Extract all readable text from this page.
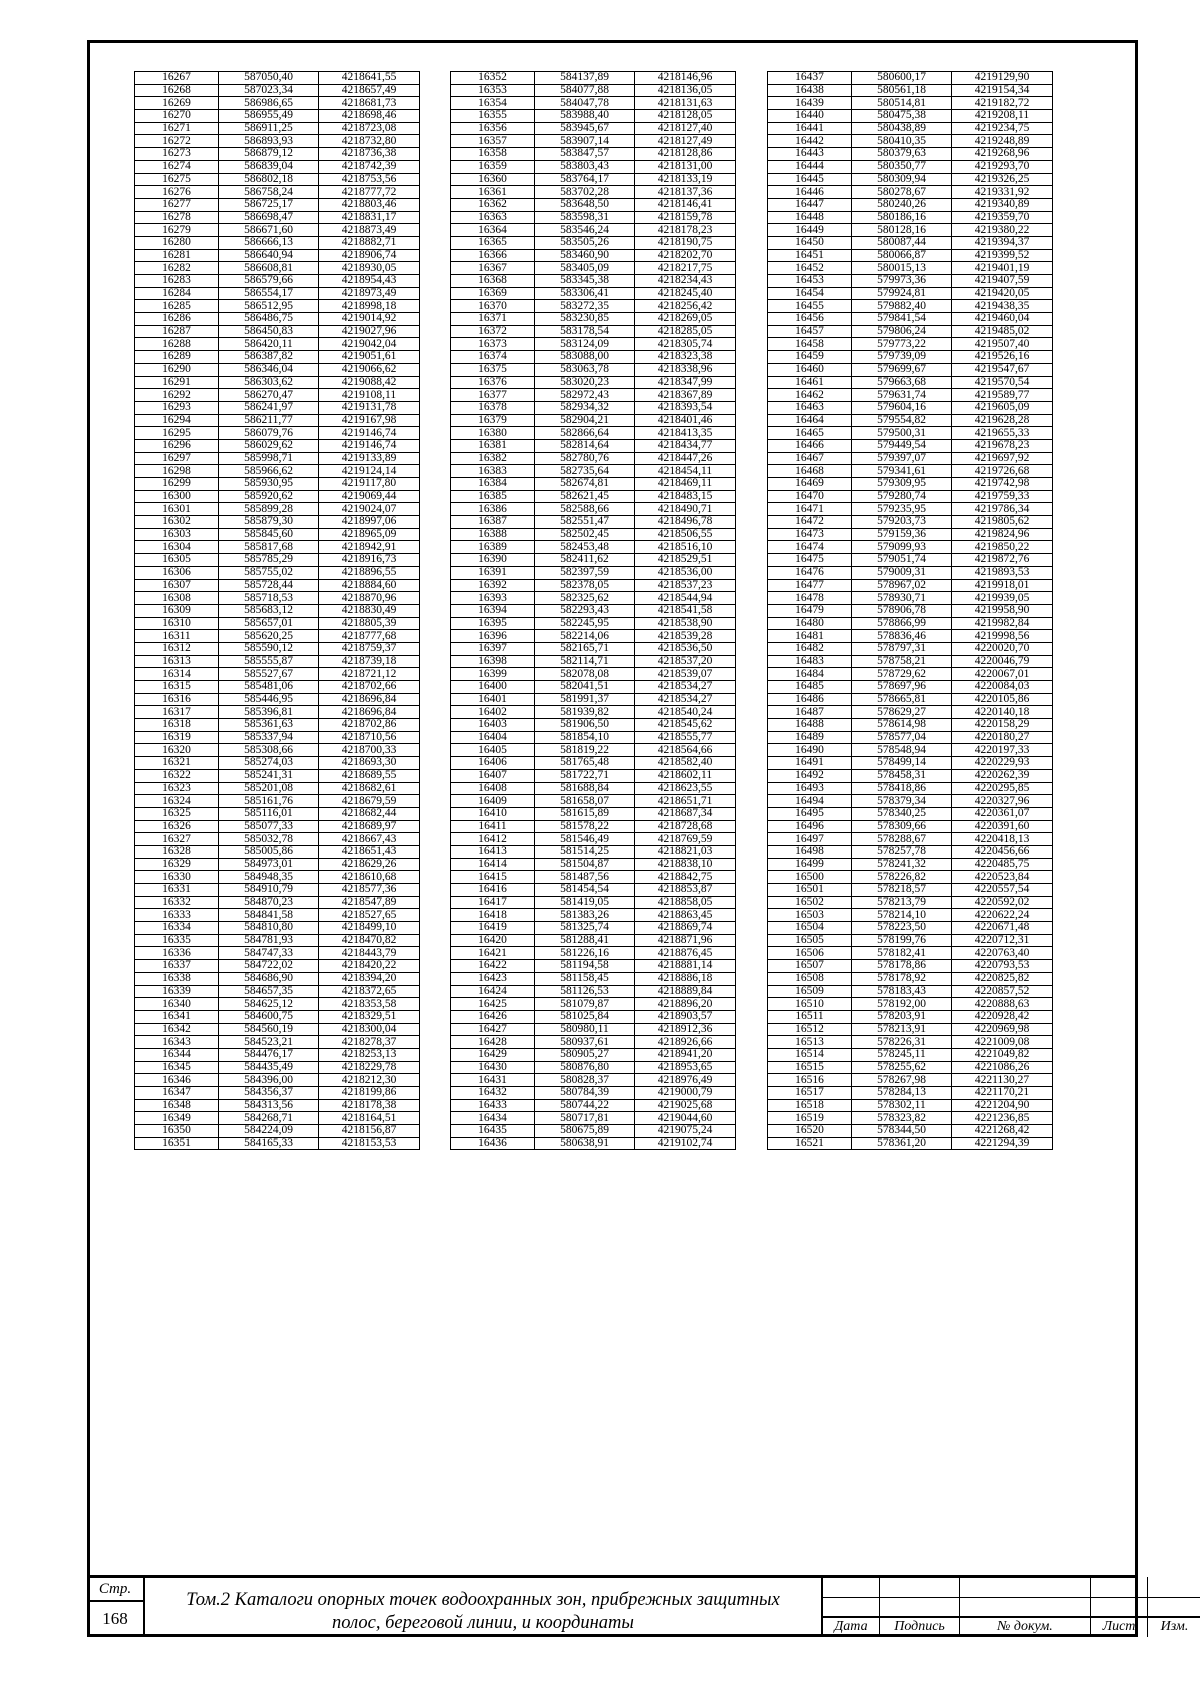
16267	587050,40	4218641,55
16268	587023,34	4218657,49
16269	586986,65	4218681,73
16270	586955,49	4218698,46
16271	586911,25	4218723,08
16272	586893,93	4218732,80
16273	586879,12	4218736,38
16274	586839,04	4218742,39
16275	586802,18	4218753,56
16276	586758,24	4218777,72
16277	586725,17	4218803,46
16278	586698,47	4218831,17
16279	586671,60	4218873,49
16280	586666,13	4218882,71
16281	586640,94	4218906,74
16282	586608,81	4218930,05
16283	586579,66	4218954,43
16284	586554,17	4218973,49
16285	586512,95	4218998,18
16286	586486,75	4219014,92
16287	586450,83	4219027,96
16288	586420,11	4219042,04
16289	586387,82	4219051,61
16290	586346,04	4219066,62
16291	586303,62	4219088,42
16292	586270,47	4219108,11
16293	586241,97	4219131,78
16294	586211,77	4219167,98
16295	586079,76	4219146,74
16296	586029,62	4219146,74
16297	585998,71	4219133,89
16298	585966,62	4219124,14
16299	585930,95	4219117,80
16300	585920,62	4219069,44
16301	585899,28	4219024,07
16302	585879,30	4218997,06
16303	585845,60	4218965,09
16304	585817,68	4218942,91
16305	585785,29	4218916,73
16306	585755,02	4218896,55
16307	585728,44	4218884,60
16308	585718,53	4218870,96
16309	585683,12	4218830,49
16310	585657,01	4218805,39
16311	585620,25	4218777,68
16312	585590,12	4218759,37
16313	585555,87	4218739,18
16314	585527,67	4218721,12
16315	585481,06	4218702,66
16316	585446,95	4218696,84
16317	585396,81	4218696,84
16318	585361,63	4218702,86
16319	585337,94	4218710,56
16320	585308,66	4218700,33
16321	585274,03	4218693,30
16322	585241,31	4218689,55
16323	585201,08	4218682,61
16324	585161,76	4218679,59
16325	585116,01	4218682,44
16326	585077,33	4218689,97
16327	585032,78	4218667,43
16328	585005,86	4218651,43
16329	584973,01	4218629,26
16330	584948,35	4218610,68
16331	584910,79	4218577,36
16332	584870,23	4218547,89
16333	584841,58	4218527,65
16334	584810,80	4218499,10
16335	584781,93	4218470,82
16336	584747,33	4218443,79
16337	584722,02	4218420,22
16338	584686,90	4218394,20
16339	584657,35	4218372,65
16340	584625,12	4218353,58
16341	584600,75	4218329,51
16342	584560,19	4218300,04
16343	584523,21	4218278,37
16344	584476,17	4218253,13
16345	584435,49	4218229,78
16346	584396,00	4218212,30
16347	584356,37	4218199,86
16348	584313,56	4218178,38
16349	584268,71	4218164,51
16350	584224,09	4218156,87
16351	584165,33	4218153,53
16352	584137,89	4218146,96
16353	584077,88	4218136,05
16354	584047,78	4218131,63
16355	583988,40	4218128,05
16356	583945,67	4218127,40
16357	583907,14	4218127,49
16358	583847,57	4218128,86
16359	583803,43	4218131,00
16360	583764,17	4218133,19
16361	583702,28	4218137,36
16362	583648,50	4218146,41
16363	583598,31	4218159,78
16364	583546,24	4218178,23
16365	583505,26	4218190,75
16366	583460,90	4218202,70
16367	583405,09	4218217,75
16368	583345,38	4218234,43
16369	583306,41	4218245,40
16370	583272,35	4218256,42
16371	583230,85	4218269,05
16372	583178,54	4218285,05
16373	583124,09	4218305,74
16374	583088,00	4218323,38
16375	583063,78	4218338,96
16376	583020,23	4218347,99
16377	582972,43	4218367,89
16378	582934,32	4218393,54
16379	582904,21	4218401,46
16380	582866,64	4218413,35
16381	582814,64	4218434,77
16382	582780,76	4218447,26
16383	582735,64	4218454,11
16384	582674,81	4218469,11
16385	582621,45	4218483,15
16386	582588,66	4218490,71
16387	582551,47	4218496,78
16388	582502,45	4218506,55
16389	582453,48	4218516,10
16390	582411,62	4218529,51
16391	582397,59	4218536,00
16392	582378,05	4218537,23
16393	582325,62	4218544,94
16394	582293,43	4218541,58
16395	582245,95	4218538,90
16396	582214,06	4218539,28
16397	582165,71	4218536,50
16398	582114,71	4218537,20
16399	582078,08	4218539,07
16400	582041,51	4218534,27
16401	581991,37	4218534,27
16402	581939,82	4218540,24
16403	581906,50	4218545,62
16404	581854,10	4218555,77
16405	581819,22	4218564,66
16406	581765,48	4218582,40
16407	581722,71	4218602,11
16408	581688,84	4218623,55
16409	581658,07	4218651,71
16410	581615,89	4218687,34
16411	581578,22	4218728,68
16412	581546,49	4218769,59
16413	581514,25	4218821,03
16414	581504,87	4218838,10
16415	581487,56	4218842,75
16416	581454,54	4218853,87
16417	581419,05	4218858,05
16418	581383,26	4218863,45
16419	581325,74	4218869,74
16420	581288,41	4218871,96
16421	581226,16	4218876,45
16422	581194,58	4218881,14
16423	581158,45	4218886,18
16424	581126,53	4218889,84
16425	581079,87	4218896,20
16426	581025,84	4218903,57
16427	580980,11	4218912,36
16428	580937,61	4218926,66
16429	580905,27	4218941,20
16430	580876,80	4218953,65
16431	580828,37	4218976,49
16432	580784,39	4219000,79
16433	580744,22	4219025,68
16434	580717,81	4219044,60
16435	580675,89	4219075,24
16436	580638,91	4219102,74
16437	580600,17	4219129,90
16438	580561,18	4219154,34
16439	580514,81	4219182,72
16440	580475,38	4219208,11
16441	580438,89	4219234,75
16442	580410,35	4219248,89
16443	580379,63	4219268,96
16444	580350,77	4219293,70
16445	580309,94	4219326,25
16446	580278,67	4219331,92
16447	580240,26	4219340,89
16448	580186,16	4219359,70
16449	580128,16	4219380,22
16450	580087,44	4219394,37
16451	580066,87	4219399,52
16452	580015,13	4219401,19
16453	579973,36	4219407,59
16454	579924,81	4219420,05
16455	579882,40	4219438,35
16456	579841,54	4219460,04
16457	579806,24	4219485,02
16458	579773,22	4219507,40
16459	579739,09	4219526,16
16460	579699,67	4219547,67
16461	579663,68	4219570,54
16462	579631,74	4219589,77
16463	579604,16	4219605,09
16464	579554,82	4219628,28
16465	579500,31	4219655,33
16466	579449,54	4219678,23
16467	579397,07	4219697,92
16468	579341,61	4219726,68
16469	579309,95	4219742,98
16470	579280,74	4219759,33
16471	579235,95	4219786,34
16472	579203,73	4219805,62
16473	579159,36	4219824,96
16474	579099,93	4219850,22
16475	579051,74	4219872,76
16476	579009,31	4219893,53
16477	578967,02	4219918,01
16478	578930,71	4219939,05
16479	578906,78	4219958,90
16480	578866,99	4219982,84
16481	578836,46	4219998,56
16482	578797,31	4220020,70
16483	578758,21	4220046,79
16484	578729,62	4220067,01
16485	578697,96	4220084,03
16486	578665,81	4220105,86
16487	578629,27	4220140,18
16488	578614,98	4220158,29
16489	578577,04	4220180,27
16490	578548,94	4220197,33
16491	578499,14	4220229,93
16492	578458,31	4220262,39
16493	578418,86	4220295,85
16494	578379,34	4220327,96
16495	578340,25	4220361,07
16496	578309,66	4220391,60
16497	578288,67	4220418,13
16498	578257,78	4220456,66
16499	578241,32	4220485,75
16500	578226,82	4220523,84
16501	578218,57	4220557,54
16502	578213,79	4220592,02
16503	578214,10	4220622,24
16504	578223,50	4220671,48
16505	578199,76	4220712,31
16506	578182,41	4220763,40
16507	578178,86	4220793,53
16508	578178,92	4220825,82
16509	578183,43	4220857,52
16510	578192,00	4220888,63
16511	578203,91	4220928,42
16512	578213,91	4220969,98
16513	578226,31	4221009,08
16514	578245,11	4221049,82
16515	578255,62	4221086,26
16516	578267,98	4221130,27
16517	578284,13	4221170,21
16518	578302,11	4221204,90
16519	578323,82	4221236,85
16520	578344,50	4221268,42
16521	578361,20	4221294,39
Стр.
168
Том.2 Каталоги опорных точек водоохранных зон, прибрежных защитных полос, береговой линии, и координаты	Дата	Подпись	№ докум.	Лист	Изм.
